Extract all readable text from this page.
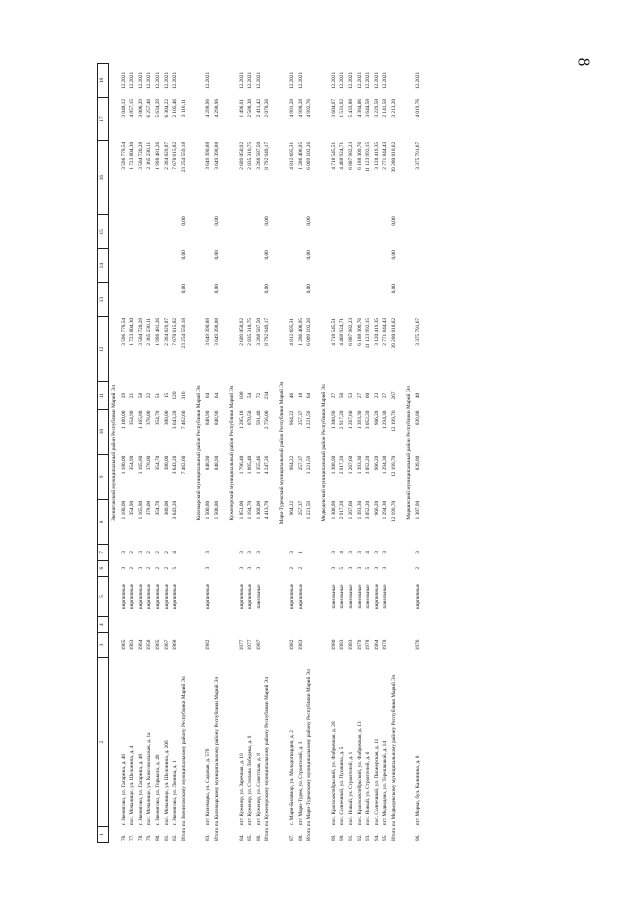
8
1	2	3	4	5	6	7	8	9	10	11	12	13	14	15	16	17	18
Звениговский муниципальный район Республики Марий Эл																	
76.	г. Звенигово, ул. Гагарина, д. 46	1965		кирпичные	3	3	1 180,00	1 180,00	1 180,00	29	3 596 778,54				3 596 778,54	3 048,12	12.2021
77.	пос. Мочалище, ул. Шелонина, д. 4	1963		кирпичные	2	2	354,90	354,90	354,90	21	1 723 804,30				1 723 804,30	4 857,15	12.2021
78.	г. Звенигово, ул. Гагарина, д. 48	1964		кирпичные	3	3	1 165,80	1 165,80	1 165,80	58	3 504 720,28				3 504 720,28	3 006,29	12.2021
79.	пос. Мочалище, ул. Комсомольская, д. 1а	1958		кирпичные	2	2	378,00	378,00	378,00	22	2 365 230,11				2 365 230,11	6 257,46	12.2021
80.	г. Звенигово, ул. Горького, д. 49	1965		кирпичные	2	2	354,70	354,70	354,70	51	1 998 481,26				1 998 481,26	5 634,29	12.2021
81.	пос. Мочалище, ул. Шелонина, д. 20б	1967		кирпичные	2	2	380,00	380,00	380,00	15	2 394 829,87				2 394 829,87	6 304,22	12.2021
82.	г. Звенигово, ул. Ленина, д. 1	1968		кирпичные	5	4	3 643,20	3 643,20	3 643,20	120	7 670 615,82				7 670 615,82	2 105,46	12.2021
Итого по Звениговскому муниципальному району Республики Марий Эл								7 462,60	7 462,60	316	23 254 559,18	0,00	0,00	0,00	23 254 559,18	3 116,11	

Килемарский муниципальный район Республики Марий Эл																	
83.	пгт Килемары, ул. Садовая, д. 57б	1982		кирпичные	3	3	1 500,80	848,90	848,90	64	3 649 390,88				3 649 390,88	4 298,96	12.2021
Итого по Килемарскому муниципальному району Республики Марий Эл							1 500,80	848,90	848,90	64	3 649 390,88	0,00	0,00	0,00	3 649 390,88	4 298,96	

Куженерский муниципальный район Республики Марий Эл																	
84.	пгт Куженер, ул. Заречная, д. 19	1977		кирпичные	3	3	1 851,00	1 796,40	1 285,10	108	2 689 050,92				2 689 050,92	1 496,91	12.2021
85.	пгт Куженер, ул. Степана Лебедева, д. 9	1977		кирпичные	3	3	1 194,70	1 095,40	870,50	54	2 835 310,75				2 835 310,75	2 588,38	12.2021
86.	пгт Куженер, ул. Советская, д. 8	1987		панельные	3	3	1 368,00	1 355,46	591,40	72	3 268 587,50				3 268 587,50	2 411,42	12.2021
Итого по Куженерскому муниципальному району Республики Марий Эл							4 413,70	4 247,26	2 756,00	234	8 792 949,17	0,00	0,00	0,00	8 792 949,17	2 070,26	

Мари-Турекский муниципальный район Республики Марий Эл																	
87.	с. Мари-Билямор, ул. Молодогвардия, д. 2	1982		кирпичные	2	3	964,22	964,22	964,22	46	4 812 695,31				4 812 695,31	4 991,28	12.2021
88.	пгт Мари-Турек, ул. Строителей, д. 3	1963		кирпичные	2	1	257,37	257,37	257,37	18	1 286 406,95				1 286 406,95	4 998,28	12.2021
Итого по Мари-Турекскому муниципальному району Республики Марий Эл							1 221,59	1 221,59	1 221,59	64	6 099 102,26	0,00	0,00	0,00	6 099 102,26	4 992,76	

Медведевский муниципальный район Республики Марий Эл																	
89.	пос. Краснооктябрьский, ул. Фабричная, д. 28	1980		панельные	3	3	1 308,90	1 308,90	1 308,90	27	4 718 545,51				4 718 545,51	3 604,97	12.2021
90.	пос. Солнечный, ул. Пушкина, д. 5	1983		панельные	5	4	2 917,20	2 917,20	2 917,20	50	4 468 924,71				4 468 924,71	1 531,92	12.2021
91.	пос. Новый, ул. Строителей, д. 1	1983		панельные	3	3	1 267,60	1 267,60	1 267,60	53	6 887 982,23				6 887 982,23	5 433,88	12.2021
92.	пос. Краснооктябрьский, ул. Фабричная, д. 13	1979		панельные	3	3	1 393,30	1 393,30	1 393,30	27	6 188 309,76				6 188 309,76	4 384,06	12.2021
93.	пос. Новый, ул. Строителей, д. 6	1978		панельные	5	4	3 052,20	3 052,20	3 052,20	60	11 123 992,15				11 123 992,15	3 644,58	12.2021
94.	пос. Солнечный, ул. Пионерская, д. 11	1964		кирпичные	3	3	966,20	966,20	966,20	23	3 120 419,35				3 120 419,35	3 229,58	12.2021
95.	пгт Медведево, ул. Терешковой, д. 14	1978		панельные	3	3	1 294,30	1 294,30	1 294,30	27	2 771 844,43				2 771 844,43	2 141,58	12.2021
Итого по Медведевскому муниципальному району Республики Марий Эл							12 199,70	12 199,70	12 199,70	267	39 280 018,62	0,00	0,00	0,00	39 280 018,62	3 213,20	

Моркинский муниципальный район Республики Марий Эл																	
96.	пгт Морки, бул. Калинина, д. 8	1976		кирпичные	2	3	1 387,90	839,80	839,80	40	3 375 791,67				3 375 791,67	4 019,76	12.2021
